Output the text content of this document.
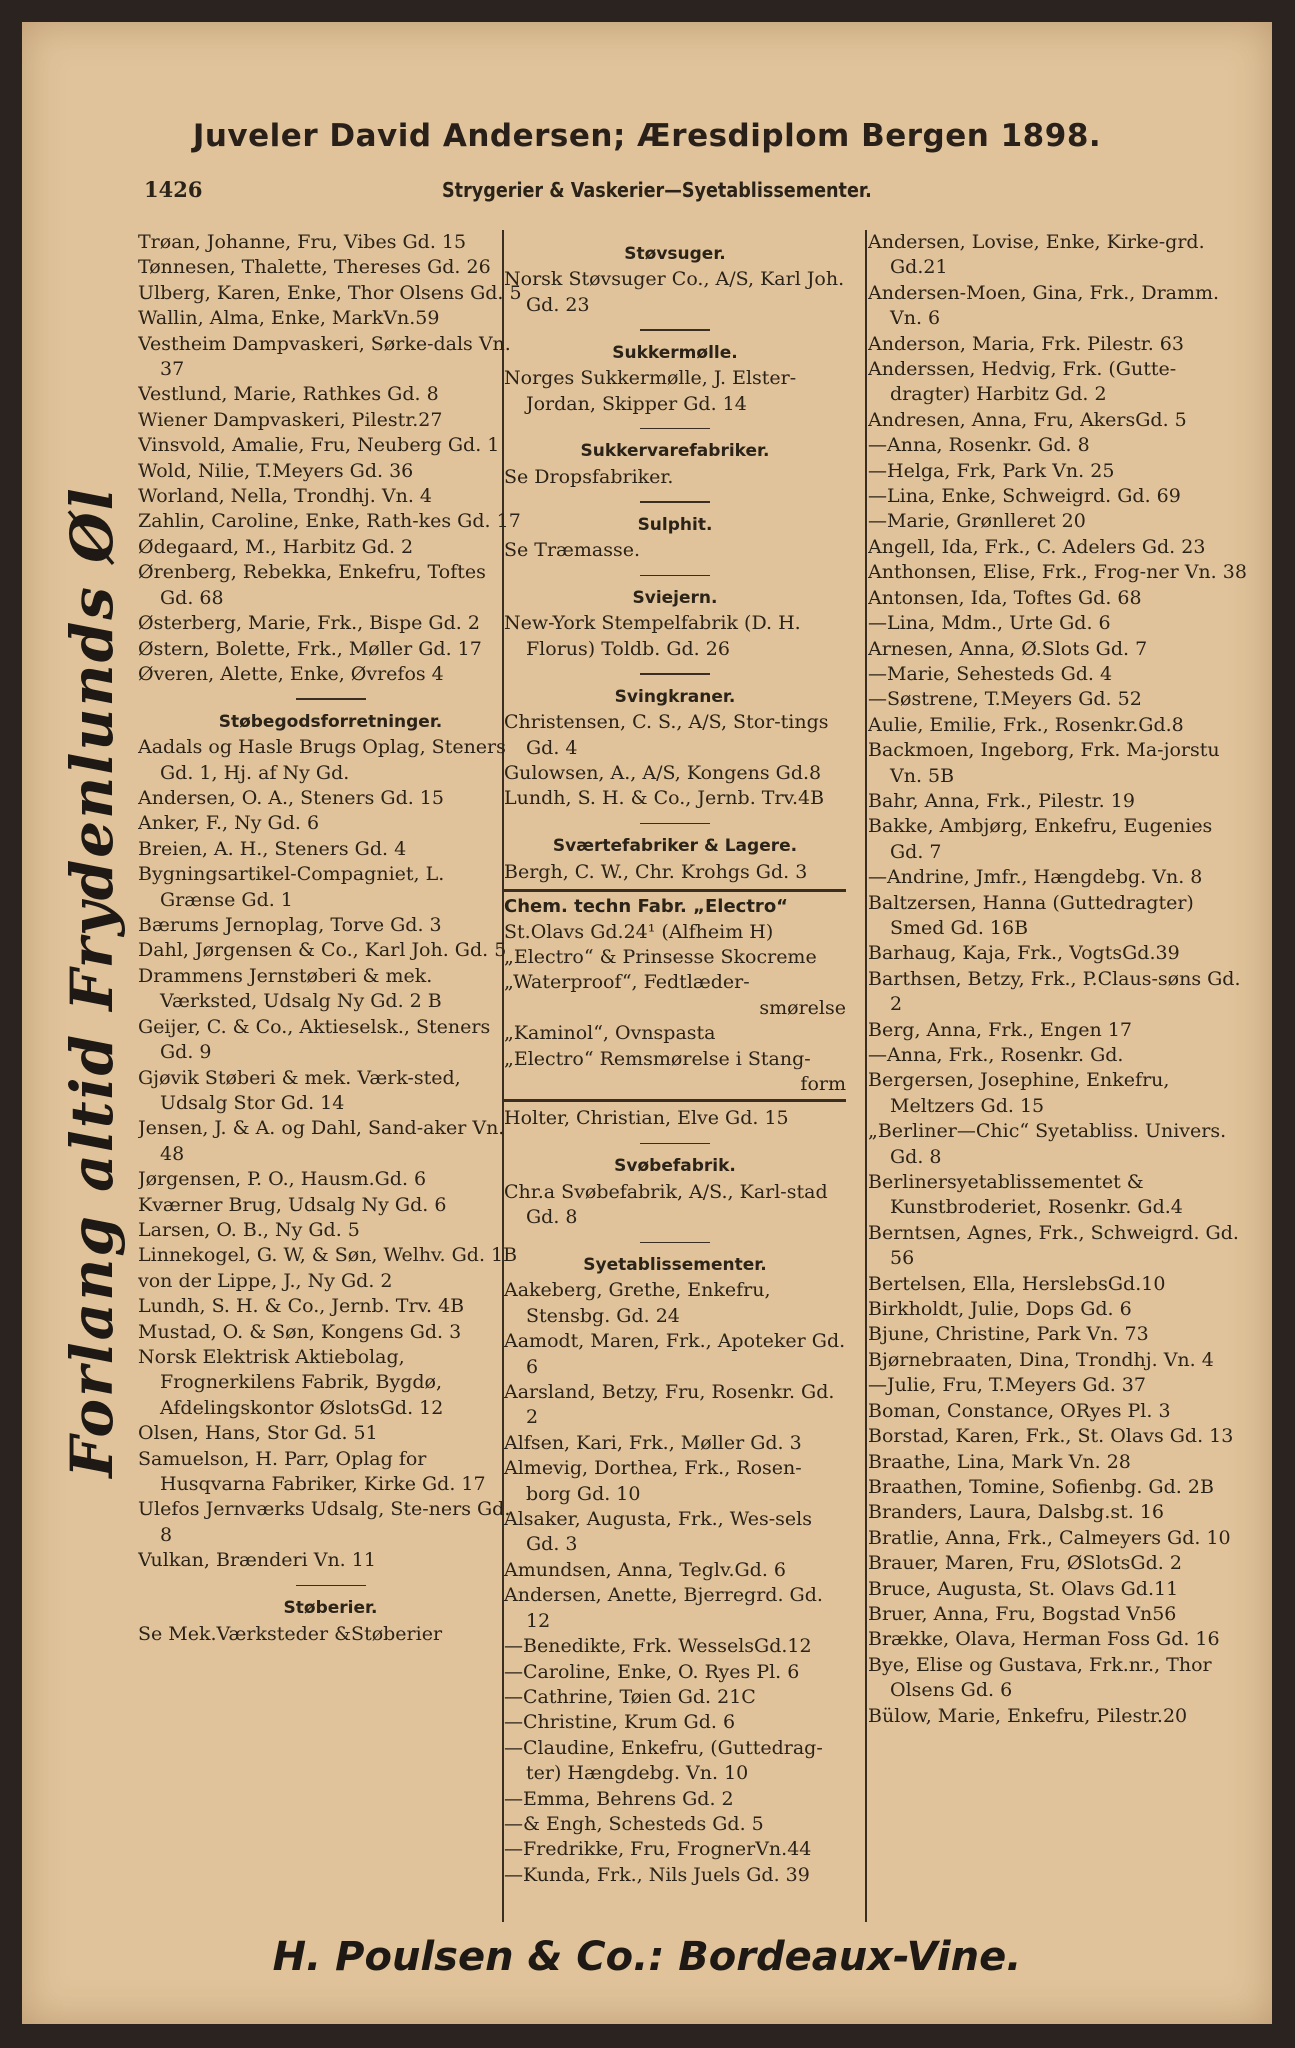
Juveler David Andersen; Æresdiplom Bergen 1898.
1426	Strygerier & Vaskerier—Syetablissementer.
Forlang altid Frydenlunds Øl
Trøan, Johanne, Fru, Vibes Gd. 15
Tønnesen, Thalette, Thereses Gd. 26
Ulberg, Karen, Enke, Thor Olsens Gd. 5
Wallin, Alma, Enke, MarkVn.59
Vestheim Dampvaskeri, Sørke-dals Vn. 37
Vestlund, Marie, Rathkes Gd. 8
Wiener Dampvaskeri, Pilestr.27
Vinsvold, Amalie, Fru, Neuberg Gd. 1
Wold, Nilie, T.Meyers Gd. 36
Worland, Nella, Trondhj. Vn. 4
Zahlin, Caroline, Enke, Rath-kes Gd. 17
Ødegaard, M., Harbitz Gd. 2
Ørenberg, Rebekka, Enkefru, Toftes Gd. 68
Østerberg, Marie, Frk., Bispe Gd. 2
Østern, Bolette, Frk., Møller Gd. 17
Øveren, Alette, Enke, Øvrefos 4
Støbegodsforretninger.
Aadals og Hasle Brugs Oplag, Steners Gd. 1, Hj. af Ny Gd.
Andersen, O. A., Steners Gd. 15
Anker, F., Ny Gd. 6
Breien, A. H., Steners Gd. 4
Bygningsartikel-Compagniet, L. Grænse Gd. 1
Bærums Jernoplag, Torve Gd. 3
Dahl, Jørgensen & Co., Karl Joh. Gd. 5
Drammens Jernstøberi & mek. Værksted, Udsalg Ny Gd. 2 B
Geijer, C. & Co., Aktieselsk., Steners Gd. 9
Gjøvik Støberi & mek. Værk-sted, Udsalg Stor Gd. 14
Jensen, J. & A. og Dahl, Sand-aker Vn. 48
Jørgensen, P. O., Hausm.Gd. 6
Kværner Brug, Udsalg Ny Gd. 6
Larsen, O. B., Ny Gd. 5
Linnekogel, G. W, & Søn, Welhv. Gd. 1B
von der Lippe, J., Ny Gd. 2
Lundh, S. H. & Co., Jernb. Trv. 4B
Mustad, O. & Søn, Kongens Gd. 3
Norsk Elektrisk Aktiebolag, Frognerkilens Fabrik, Bygdø, Afdelingskontor ØslotsGd. 12
Olsen, Hans, Stor Gd. 51
Samuelson, H. Parr, Oplag for Husqvarna Fabriker, Kirke Gd. 17
Ulefos Jernværks Udsalg, Ste-ners Gd. 8
Vulkan, Brænderi Vn. 11
Støberier.
Se Mek.Værksteder &Støberier
Støvsuger.
Norsk Støvsuger Co., A/S, Karl Joh. Gd. 23
Sukkermølle.
Norges Sukkermølle, J. Elster-Jordan, Skipper Gd. 14
Sukkervarefabriker.
Se Dropsfabriker.
Sulphit.
Se Træmasse.
Sviejern.
New-York Stempelfabrik (D. H. Florus) Toldb. Gd. 26
Svingkraner.
Christensen, C. S., A/S, Stor-tings Gd. 4
Gulowsen, A., A/S, Kongens Gd.8
Lundh, S. H. & Co., Jernb. Trv.4B
Sværtefabriker & Lagere.
Bergh, C. W., Chr. Krohgs Gd. 3
Chem. techn Fabr. „Electro“
St.Olavs Gd.24¹ (Alfheim H)
„Electro“ & Prinsesse Skocreme
„Waterproof“, Fedtlæder-
smørelse
„Kaminol“, Ovnspasta
„Electro“ Remsmørelse i Stang-
form
Holter, Christian, Elve Gd. 15
Svøbefabrik.
Chr.a Svøbefabrik, A/S., Karl-stad Gd. 8
Syetablissementer.
Aakeberg, Grethe, Enkefru, Stensbg. Gd. 24
Aamodt, Maren, Frk., Apoteker Gd. 6
Aarsland, Betzy, Fru, Rosenkr. Gd. 2
Alfsen, Kari, Frk., Møller Gd. 3
Almevig, Dorthea, Frk., Rosen-borg Gd. 10
Alsaker, Augusta, Frk., Wes-sels Gd. 3
Amundsen, Anna, Teglv.Gd. 6
Andersen, Anette, Bjerregrd. Gd. 12
—Benedikte, Frk. WesselsGd.12
—Caroline, Enke, O. Ryes Pl. 6
—Cathrine, Tøien Gd. 21C
—Christine, Krum Gd. 6
—Claudine, Enkefru, (Guttedrag-ter) Hængdebg. Vn. 10
—Emma, Behrens Gd. 2
—& Engh, Schesteds Gd. 5
—Fredrikke, Fru, FrognerVn.44
—Kunda, Frk., Nils Juels Gd. 39
Andersen, Lovise, Enke, Kirke-grd. Gd.21
Andersen-Moen, Gina, Frk., Dramm. Vn. 6
Anderson, Maria, Frk. Pilestr. 63
Anderssen, Hedvig, Frk. (Gutte-dragter) Harbitz Gd. 2
Andresen, Anna, Fru, AkersGd. 5
—Anna, Rosenkr. Gd. 8
—Helga, Frk, Park Vn. 25
—Lina, Enke, Schweigrd. Gd. 69
—Marie, Grønlleret 20
Angell, Ida, Frk., C. Adelers Gd. 23
Anthonsen, Elise, Frk., Frog-ner Vn. 38
Antonsen, Ida, Toftes Gd. 68
—Lina, Mdm., Urte Gd. 6
Arnesen, Anna, Ø.Slots Gd. 7
—Marie, Sehesteds Gd. 4
—Søstrene, T.Meyers Gd. 52
Aulie, Emilie, Frk., Rosenkr.Gd.8
Backmoen, Ingeborg, Frk. Ma-jorstu Vn. 5B
Bahr, Anna, Frk., Pilestr. 19
Bakke, Ambjørg, Enkefru, Eugenies Gd. 7
—Andrine, Jmfr., Hængdebg. Vn. 8
Baltzersen, Hanna (Guttedragter) Smed Gd. 16B
Barhaug, Kaja, Frk., VogtsGd.39
Barthsen, Betzy, Frk., P.Claus-søns Gd. 2
Berg, Anna, Frk., Engen 17
—Anna, Frk., Rosenkr. Gd.
Bergersen, Josephine, Enkefru, Meltzers Gd. 15
„Berliner—Chic“ Syetabliss. Univers. Gd. 8
Berlinersyetablissementet & Kunstbroderiet, Rosenkr. Gd.4
Berntsen, Agnes, Frk., Schweigrd. Gd. 56
Bertelsen, Ella, HerslebsGd.10
Birkholdt, Julie, Dops Gd. 6
Bjune, Christine, Park Vn. 73
Bjørnebraaten, Dina, Trondhj. Vn. 4
—Julie, Fru, T.Meyers Gd. 37
Boman, Constance, ORyes Pl. 3
Borstad, Karen, Frk., St. Olavs Gd. 13
Braathe, Lina, Mark Vn. 28
Braathen, Tomine, Sofienbg. Gd. 2B
Branders, Laura, Dalsbg.st. 16
Bratlie, Anna, Frk., Calmeyers Gd. 10
Brauer, Maren, Fru, ØSlotsGd. 2
Bruce, Augusta, St. Olavs Gd.11
Bruer, Anna, Fru, Bogstad Vn56
Brække, Olava, Herman Foss Gd. 16
Bye, Elise og Gustava, Frk.nr., Thor Olsens Gd. 6
Bülow, Marie, Enkefru, Pilestr.20
H. Poulsen & Co.: Bordeaux-Vine.
